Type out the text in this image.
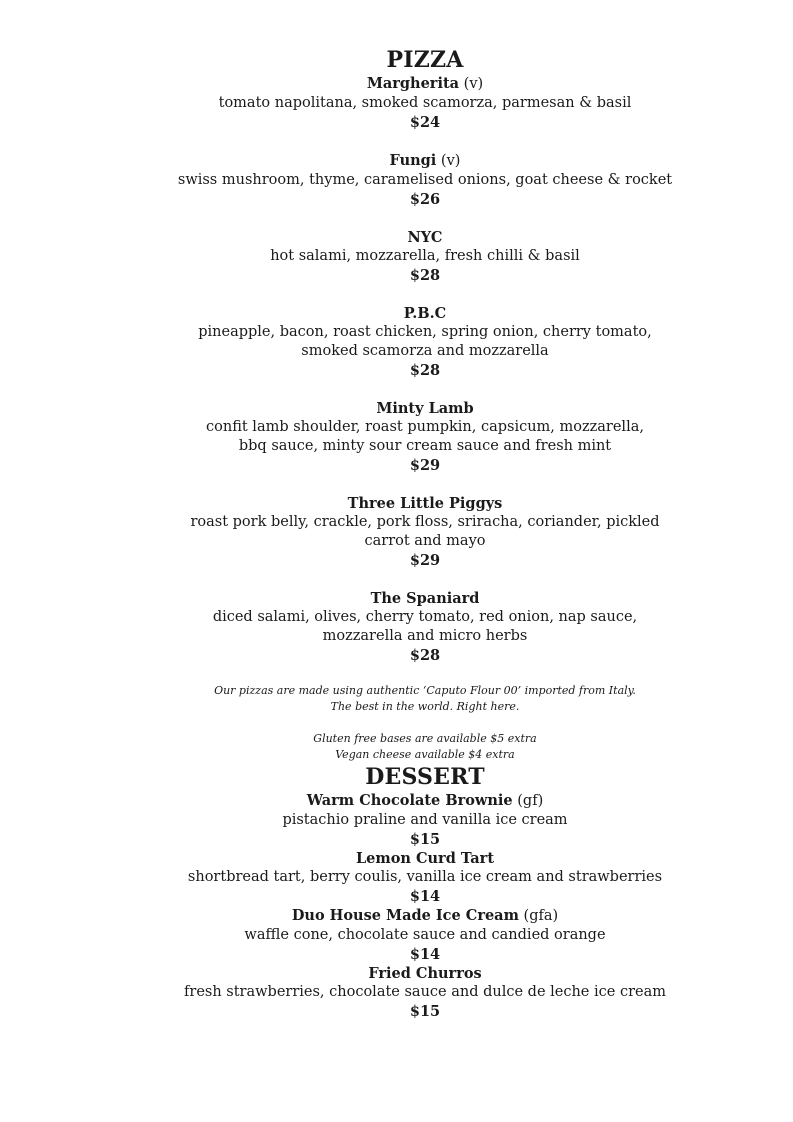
PIZZA
Margherita (v)
tomato napolitana, smoked scamorza, parmesan & basil
$24
Fungi (v)
swiss mushroom, thyme, caramelised onions, goat cheese & rocket
$26
NYC
hot salami, mozzarella, fresh chilli & basil
$28
P.B.C
pineapple, bacon, roast chicken, spring onion, cherry tomato,
smoked scamorza and mozzarella
$28
Minty Lamb
confit lamb shoulder, roast pumpkin, capsicum, mozzarella,
bbq sauce, minty sour cream sauce and fresh mint
$29
Three Little Piggys
roast pork belly, crackle, pork floss, sriracha, coriander, pickled
carrot and mayo
$29
The Spaniard
diced salami, olives, cherry tomato, red onion, nap sauce,
mozzarella and micro herbs
$28
Our pizzas are made using authentic ‘Caputo Flour 00’ imported from Italy.
The best in the world. Right here.
Gluten free bases are available $5 extra
Vegan cheese available $4 extra
DESSERT
Warm Chocolate Brownie (gf)
pistachio praline and vanilla ice cream
$15
Lemon Curd Tart
shortbread tart, berry coulis, vanilla ice cream and strawberries
$14
Duo House Made Ice Cream (gfa)
waffle cone, chocolate sauce and candied orange
$14
Fried Churros
fresh strawberries, chocolate sauce and dulce de leche ice cream
$15
